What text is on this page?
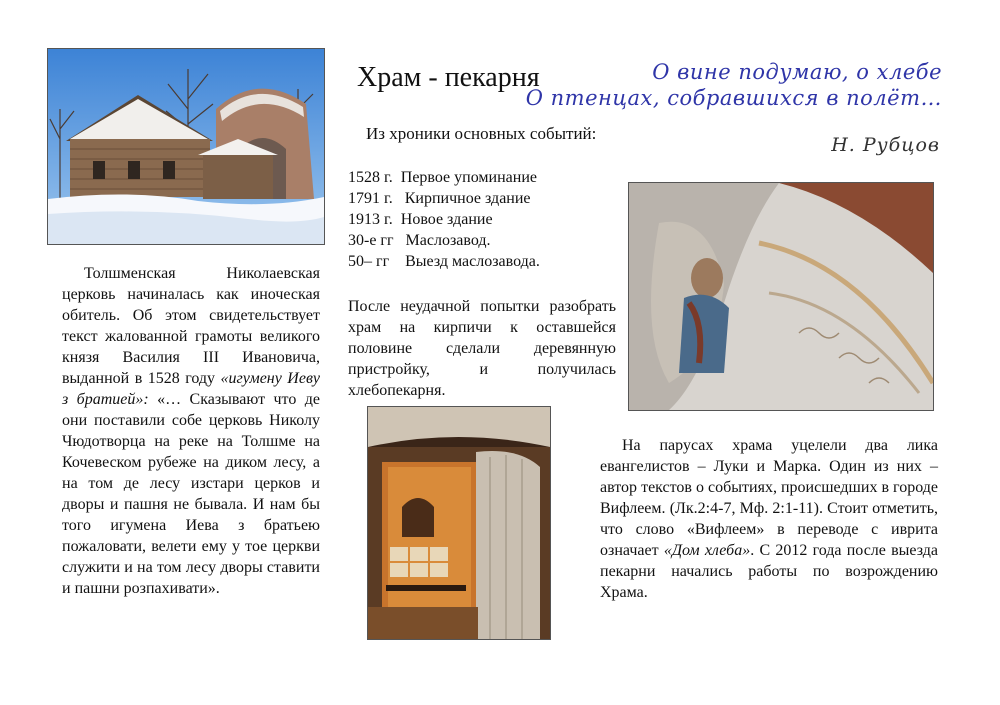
Храм - пекарня	О вине подумаю, о хлебе
О птенцах, собравшихся в полёт…
Н. Рубцов
Из хроники основных событий:
1528 г.  Первое упоминание
1791 г.   Кирпичное здание
1913 г.  Новое здание
30-е гг   Маслозавод.
50– гг    Выезд маслозавода.
Толшменская Николаевская церковь начиналась как иноческая обитель. Об этом свидетельствует текст жалованной грамоты великого князя Василия III Ивановича, выданной в 1528 году «игумену Иеву з братией»: «… Сказывают что де они поставили собе церковь Николу Чюдотворца на реке на Толшме на Кочевеском рубеже на диком лесу, а на том де лесу изстари церков и дворы и пашня не бывала. И нам бы того игумена Иева з братьею пожаловати, велети ему у тое церкви служити и на том лесу дворы ставити и пашни розпахивати».
После неудачной попытки разобрать храм на кирпичи к оставшейся половине сделали деревянную пристройку, и получилась хлебопекарня.
На парусах храма уцелели два лика евангелистов – Луки и Марка. Один из них – автор текстов о событиях, происшедших в городе Вифлеем. (Лк.2:4-7, Мф. 2:1-11). Стоит отметить, что слово «Вифлеем» в переводе с иврита означает «Дом хлеба». С 2012 года после выезда пекарни начались работы по возрождению Храма.
